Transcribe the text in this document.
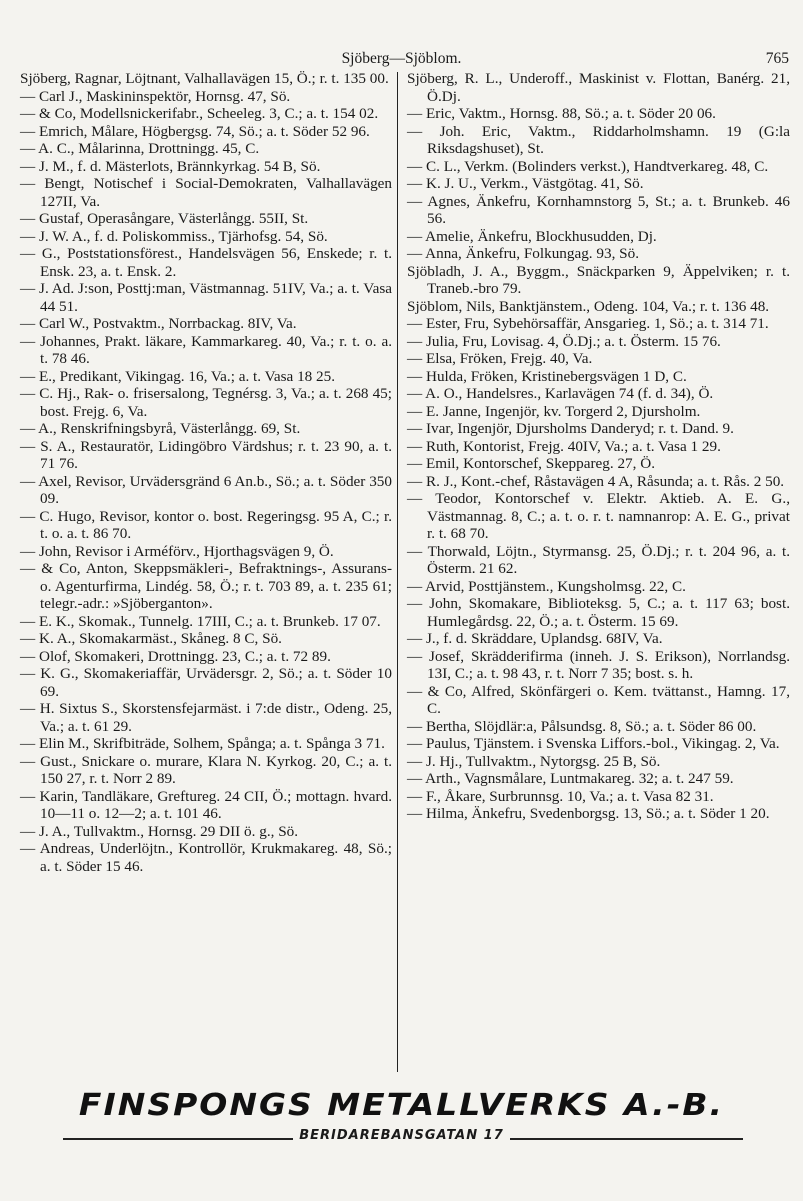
Sjöberg—Sjöblom.	765

Sjöberg, Ragnar, Löjtnant, Valhallavägen 15, Ö.; r. t. 135 00.

— Carl J., Maskininspektör, Hornsg. 47, Sö.

— & Co, Modellsnickerifabr., Scheeleg. 3, C.; a. t. 154 02.

— Emrich, Målare, Högbergsg. 74, Sö.; a. t. Söder 52 96.

— A. C., Målarinna, Drottningg. 45, C.

— J. M., f. d. Mästerlots, Brännkyrkag. 54 B, Sö.

— Bengt, Notischef i Social-Demokraten, Valhallavägen 127II, Va.

— Gustaf, Operasångare, Västerlångg. 55II, St.

— J. W. A., f. d. Poliskommiss., Tjärhofsg. 54, Sö.

— G., Poststationsförest., Handelsvägen 56, Enskede; r. t. Ensk. 23, a. t. Ensk. 2.

— J. Ad. J:son, Posttj:man, Västmannag. 51IV, Va.; a. t. Vasa 44 51.

— Carl W., Postvaktm., Norrbackag. 8IV, Va.

— Johannes, Prakt. läkare, Kammarkareg. 40, Va.; r. t. o. a. t. 78 46.

— E., Predikant, Vikingag. 16, Va.; a. t. Vasa 18 25.

— C. Hj., Rak- o. frisersalong, Tegnérsg. 3, Va.; a. t. 268 45; bost. Frejg. 6, Va.

— A., Renskrifningsbyrå, Västerlångg. 69, St.

— S. A., Restauratör, Lidingöbro Värdshus; r. t. 23 90, a. t. 71 76.

— Axel, Revisor, Urvädersgränd 6 An.b., Sö.; a. t. Söder 350 09.

— C. Hugo, Revisor, kontor o. bost. Regeringsg. 95 A, C.; r. t. o. a. t. 86 70.

— John, Revisor i Arméförv., Hjorthagsvägen 9, Ö.

— & Co, Anton, Skeppsmäkleri-, Befraktnings-, Assurans- o. Agenturfirma, Lindég. 58, Ö.; r. t. 703 89, a. t. 235 61; telegr.-adr.: »Sjöberganton».

— E. K., Skomak., Tunnelg. 17III, C.; a. t. Brunkeb. 17 07.

— K. A., Skomakarmäst., Skåneg. 8 C, Sö.

— Olof, Skomakeri, Drottningg. 23, C.; a. t. 72 89.

— K. G., Skomakeriaffär, Urvädersgr. 2, Sö.; a. t. Söder 10 69.

— H. Sixtus S., Skorstensfejarmäst. i 7:de distr., Odeng. 25, Va.; a. t. 61 29.

— Elin M., Skrifbiträde, Solhem, Spånga; a. t. Spånga 3 71.

— Gust., Snickare o. murare, Klara N. Kyrkog. 20, C.; a. t. 150 27, r. t. Norr 2 89.

— Karin, Tandläkare, Greftureg. 24 CII, Ö.; mottagn. hvard. 10—11 o. 12—2; a. t. 101 46.

— J. A., Tullvaktm., Hornsg. 29 DII ö. g., Sö.

— Andreas, Underlöjtn., Kontrollör, Krukmakareg. 48, Sö.; a. t. Söder 15 46.

Sjöberg, R. L., Underoff., Maskinist v. Flottan, Banérg. 21, Ö.Dj.

— Eric, Vaktm., Hornsg. 88, Sö.; a. t. Söder 20 06.

— Joh. Eric, Vaktm., Riddarholmshamn. 19 (G:la Riksdagshuset), St.

— C. L., Verkm. (Bolinders verkst.), Handtverkareg. 48, C.

— K. J. U., Verkm., Västgötag. 41, Sö.

— Agnes, Änkefru, Kornhamnstorg 5, St.; a. t. Brunkeb. 46 56.

— Amelie, Änkefru, Blockhusudden, Dj.

— Anna, Änkefru, Folkungag. 93, Sö.

Sjöbladh, J. A., Byggm., Snäckparken 9, Äppelviken; r. t. Traneb.-bro 79.

Sjöblom, Nils, Banktjänstem., Odeng. 104, Va.; r. t. 136 48.

— Ester, Fru, Sybehörsaffär, Ansgarieg. 1, Sö.; a. t. 314 71.

— Julia, Fru, Lovisag. 4, Ö.Dj.; a. t. Österm. 15 76.

— Elsa, Fröken, Frejg. 40, Va.

— Hulda, Fröken, Kristinebergsvägen 1 D, C.

— A. O., Handelsres., Karlavägen 74 (f. d. 34), Ö.

— E. Janne, Ingenjör, kv. Torgerd 2, Djursholm.

— Ivar, Ingenjör, Djursholms Danderyd; r. t. Dand. 9.

— Ruth, Kontorist, Frejg. 40IV, Va.; a. t. Vasa 1 29.

— Emil, Kontorschef, Skeppareg. 27, Ö.

— R. J., Kont.-chef, Råstavägen 4 A, Råsunda; a. t. Rås. 2 50.

— Teodor, Kontorschef v. Elektr. Aktieb. A. E. G., Västmannag. 8, C.; a. t. o. r. t. namnanrop: A. E. G., privat r. t. 68 70.

— Thorwald, Löjtn., Styrmansg. 25, Ö.Dj.; r. t. 204 96, a. t. Österm. 21 62.

— Arvid, Posttjänstem., Kungsholmsg. 22, C.

— John, Skomakare, Biblioteksg. 5, C.; a. t. 117 63; bost. Humlegårdsg. 22, Ö.; a. t. Österm. 15 69.

— J., f. d. Skräddare, Uplandsg. 68IV, Va.

— Josef, Skrädderifirma (inneh. J. S. Erikson), Norrlandsg. 13I, C.; a. t. 98 43, r. t. Norr 7 35; bost. s. h.

— & Co, Alfred, Skönfärgeri o. Kem. tvättanst., Hamng. 17, C.

— Bertha, Slöjdlär:a, Pålsundsg. 8, Sö.; a. t. Söder 86 00.

— Paulus, Tjänstem. i Svenska Liffors.-bol., Vikingag. 2, Va.

— J. Hj., Tullvaktm., Nytorgsg. 25 B, Sö.

— Arth., Vagnsmålare, Luntmakareg. 32; a. t. 247 59.

— F., Åkare, Surbrunnsg. 10, Va.; a. t. Vasa 82 31.

— Hilma, Änkefru, Svedenborgsg. 13, Sö.; a. t. Söder 1 20.

FINSPONGS METALLVERKS A.-B.
BERIDAREBANSGATAN 17
